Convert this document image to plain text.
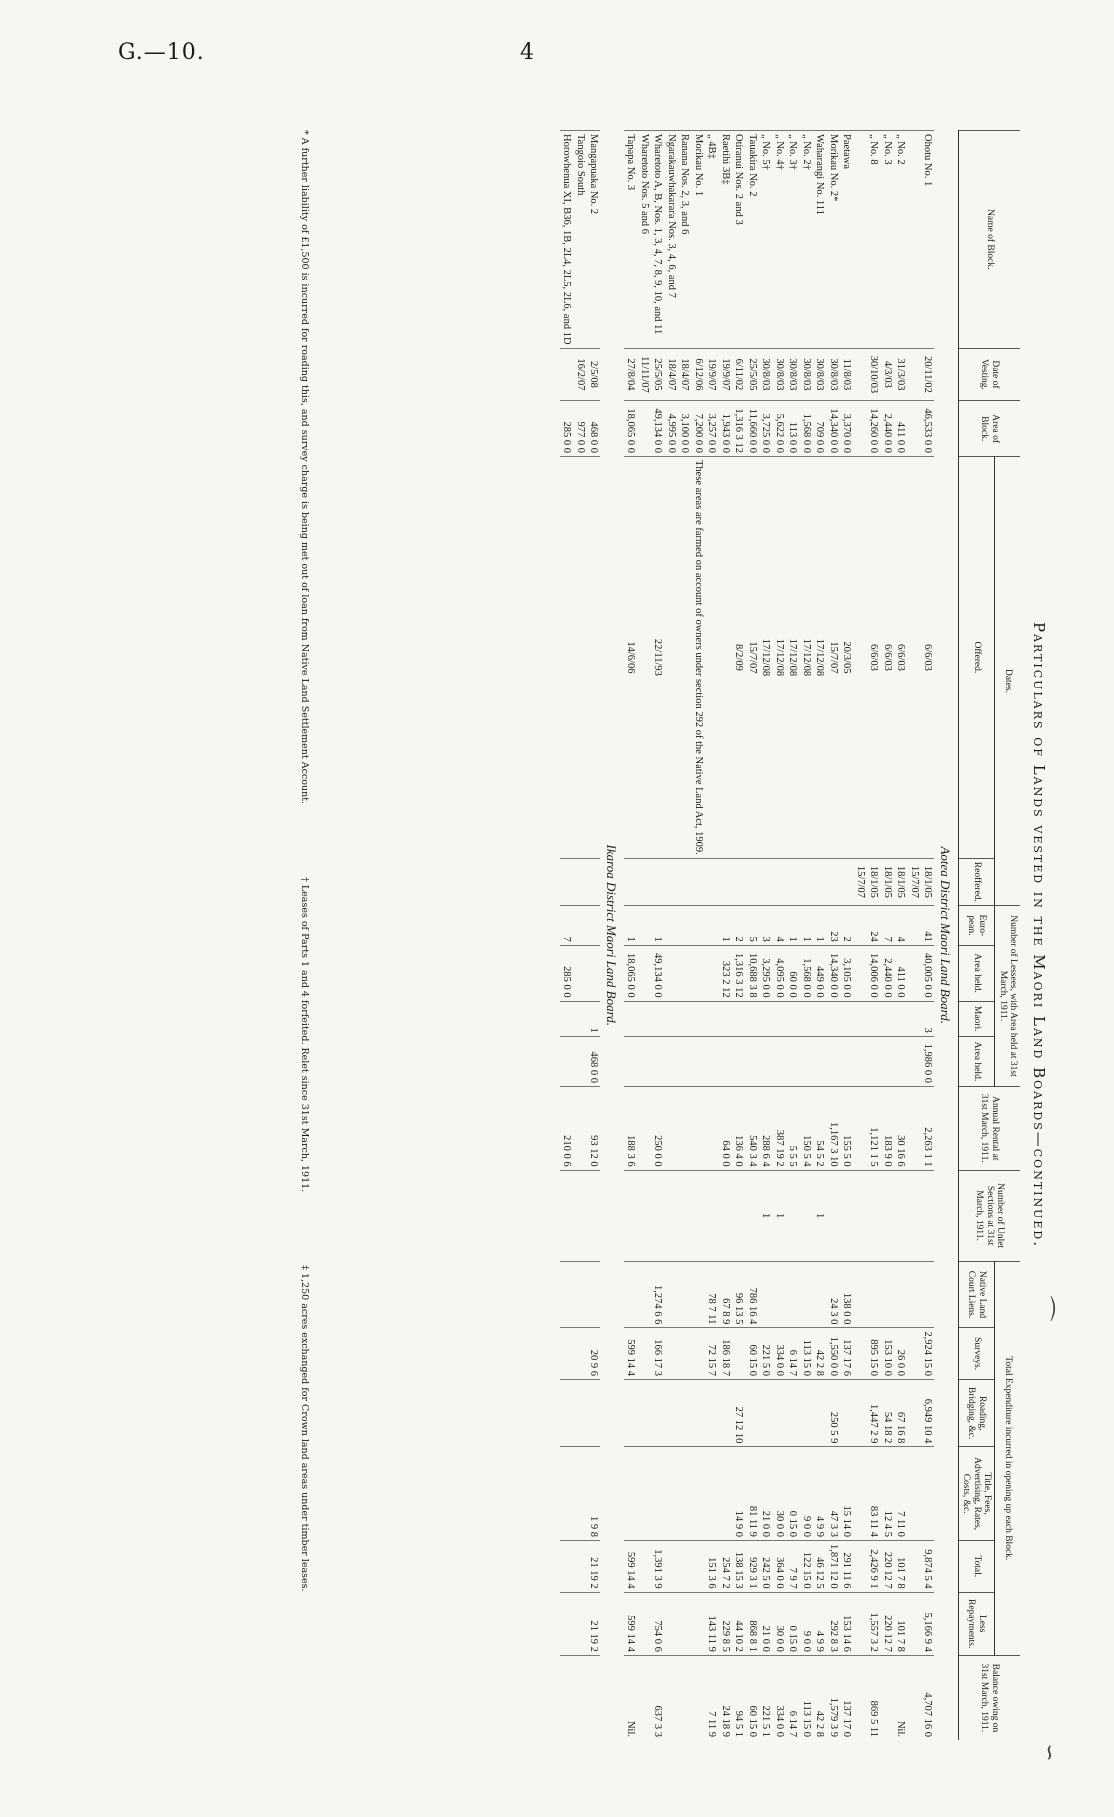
G.—10.	4
Particulars of Lands vested in the Maori Land Boards—continued.
Name of Block.	Date of Vesting.	Area of Block.	Dates.		Number of Lessees, with Area held at 31st March, 1911.				Annual Rental at 31st March, 1911.	Number of Unlet Sections at 31st March, 1911.	Total Expenditure incurred in opening up each Block.						Balance owing on 31st March, 1911.
			Offered.	Reoffered.	Euro-pean.	Area held.	Maori.	Area held.			Native Land Court Liens.	Surveys.	Roading, Bridging, &c.	Title, Fees, Advertising, Rates, Costs, &c.	Total.	Less Repayments.	
Aotea District Maori Land Board.																	
Ohotu No. 1	20/11/02	46,533 0 0	6/6/03	18/1/05	41	40,005 0 0	3	1,986 0 0	2,263 1 1			2,924 15 0	6,949 10 4		9,874 5 4	5,166 9 4	4,707 16 0
				15/7/07													
„ No. 2	31/3/03	411 0 0	6/6/03	18/1/05	4	411 0 0			30 16 6			26 0 0	67 16 8	7 11 0	101 7 8	101 7 8	Nil.
„ No. 3	4/3/03	2,440 0 0	6/6/03	18/1/05	7	2,440 0 0			183 9 0			153 10 0	54 18 2	12 4 5	220 12 7	220 12 7	
„ No. 8	30/10/03	14,260 0 0	6/6/03	18/1/05	24	14,006 0 0			1,121 1 5			895 15 0	1,447 2 9	83 11 4	2,426 9 1	1,557 3 2	869 5 11
				15/7/07													
Paetawa	11/8/03	3,370 0 0	20/3/05		2	3,105 0 0			155 5 0		138 0 0	137 17 6		15 14 0	291 11 6	153 14 6	137 17 0
Morikau No. 2*	30/8/03	14,340 0 0	15/7/07		23	14,340 0 0			1,167 3 10		24 3 0	1,550 0 0	250 5 9	47 3 3	1,871 12 0	292 8 3	1,579 3 9
Waharangi No. 111	30/8/03	709 0 0	17/12/08		1	449 0 0			54 5 2	1		42 2 8		4 9 9	46 12 5	4 9 9	42 2 8
„ No. 2†	30/8/03	1,568 0 0	17/12/08		1	1,568 0 0			150 5 4			113 15 0		9 0 0	122 15 0	9 0 0	113 15 0
„ No. 3†	30/8/03	113 0 0	17/12/08		1	60 0 0			5 5 5			6 14 7		0 15 0	7 9 7	0 15 0	6 14 7
„ No. 4†	30/8/03	5,622 0 0	17/12/08		4	4,095 0 0			387 19 2	1		334 0 0		30 0 0	364 0 0	30 0 0	334 0 0
„ No. 5†	30/8/03	3,725 0 0	17/12/08		3	3,295 0 0			288 6 4	1		221 5 0		21 0 0	242 5 0	21 0 0	221 5 1
Tauakira No. 2	25/5/05	11,660 0 0	15/7/07		5	10,688 3 8			540 3 4		786 16 4	60 15 0		81 11 9	929 3 1	868 8 1	60 15 0
Otiranui Nos. 2 and 3	6/11/02	1,316 3 12	8/2/09		2	1,316 3 12			136 4 0		96 13 5		27 12 10	14 9 0	138 15 3	44 10 2	94 5 1
Raetihi 3B‡	19/9/07	1,943 0 0			1	323 2 12			64 0 0		67 8 9	186 18 7			254 7 2	229 8 5	24 18 9
„ 4B‡	19/9/07	3,257 0 0									78 7 11	72 15 7			151 3 6	143 11 9	7 11 9
Morikau No. 1	6/12/06	7,200 0 0	These areas are farmed on account of owners under section 292 of the Native Land Act, 1909.														
Ranana Nos. 2, 3, and 6	18/4/07	3,100 0 0															
Ngarakauwhakarara Nos. 3, 4, 6, and 7	18/4/07	4,995 0 0															
Wharetoto A, B, Nos. 1, 3, 4, 7, 8, 9, 10, and 11	25/5/05	49,134 0 0	22/11/93		1	49,134 0 0			250 0 0		1,274 6 6	166 17 3			1,391 3 9	754 0 6	637 3 3
Wharetoto Nos. 5 and 6	11/11/07																
Tapapa No. 3	27/8/04	18,065 0 0	14/6/06		1	18,065 0 0			188 3 6			599 14 4			599 14 4	599 14 4	Nil.
Ikaroa District Maori Land Board.																	
Mangapuaka No. 2	2/5/08	468 0 0					1	468 0 0	93 12 0			20 9 6		1 9 8	21 19 2	21 19 2	
Tangoio South	16/2/07	977 0 0															
Horowhenua XI, B36, 1B, 2L4, 2L5, 2L6, and 1D		285 0 0			7	285 0 0			210 0 6								
* A further liability of £1,500 is incurred for roading this, and survey charge is being met out of loan from Native Land Settlement Account. † Leases of Parts 1 and 4 forfeited. Relet since 31st March, 1911. ‡ 1,250 acres exchanged for Crown land areas under timber leases.	⌒
∽
